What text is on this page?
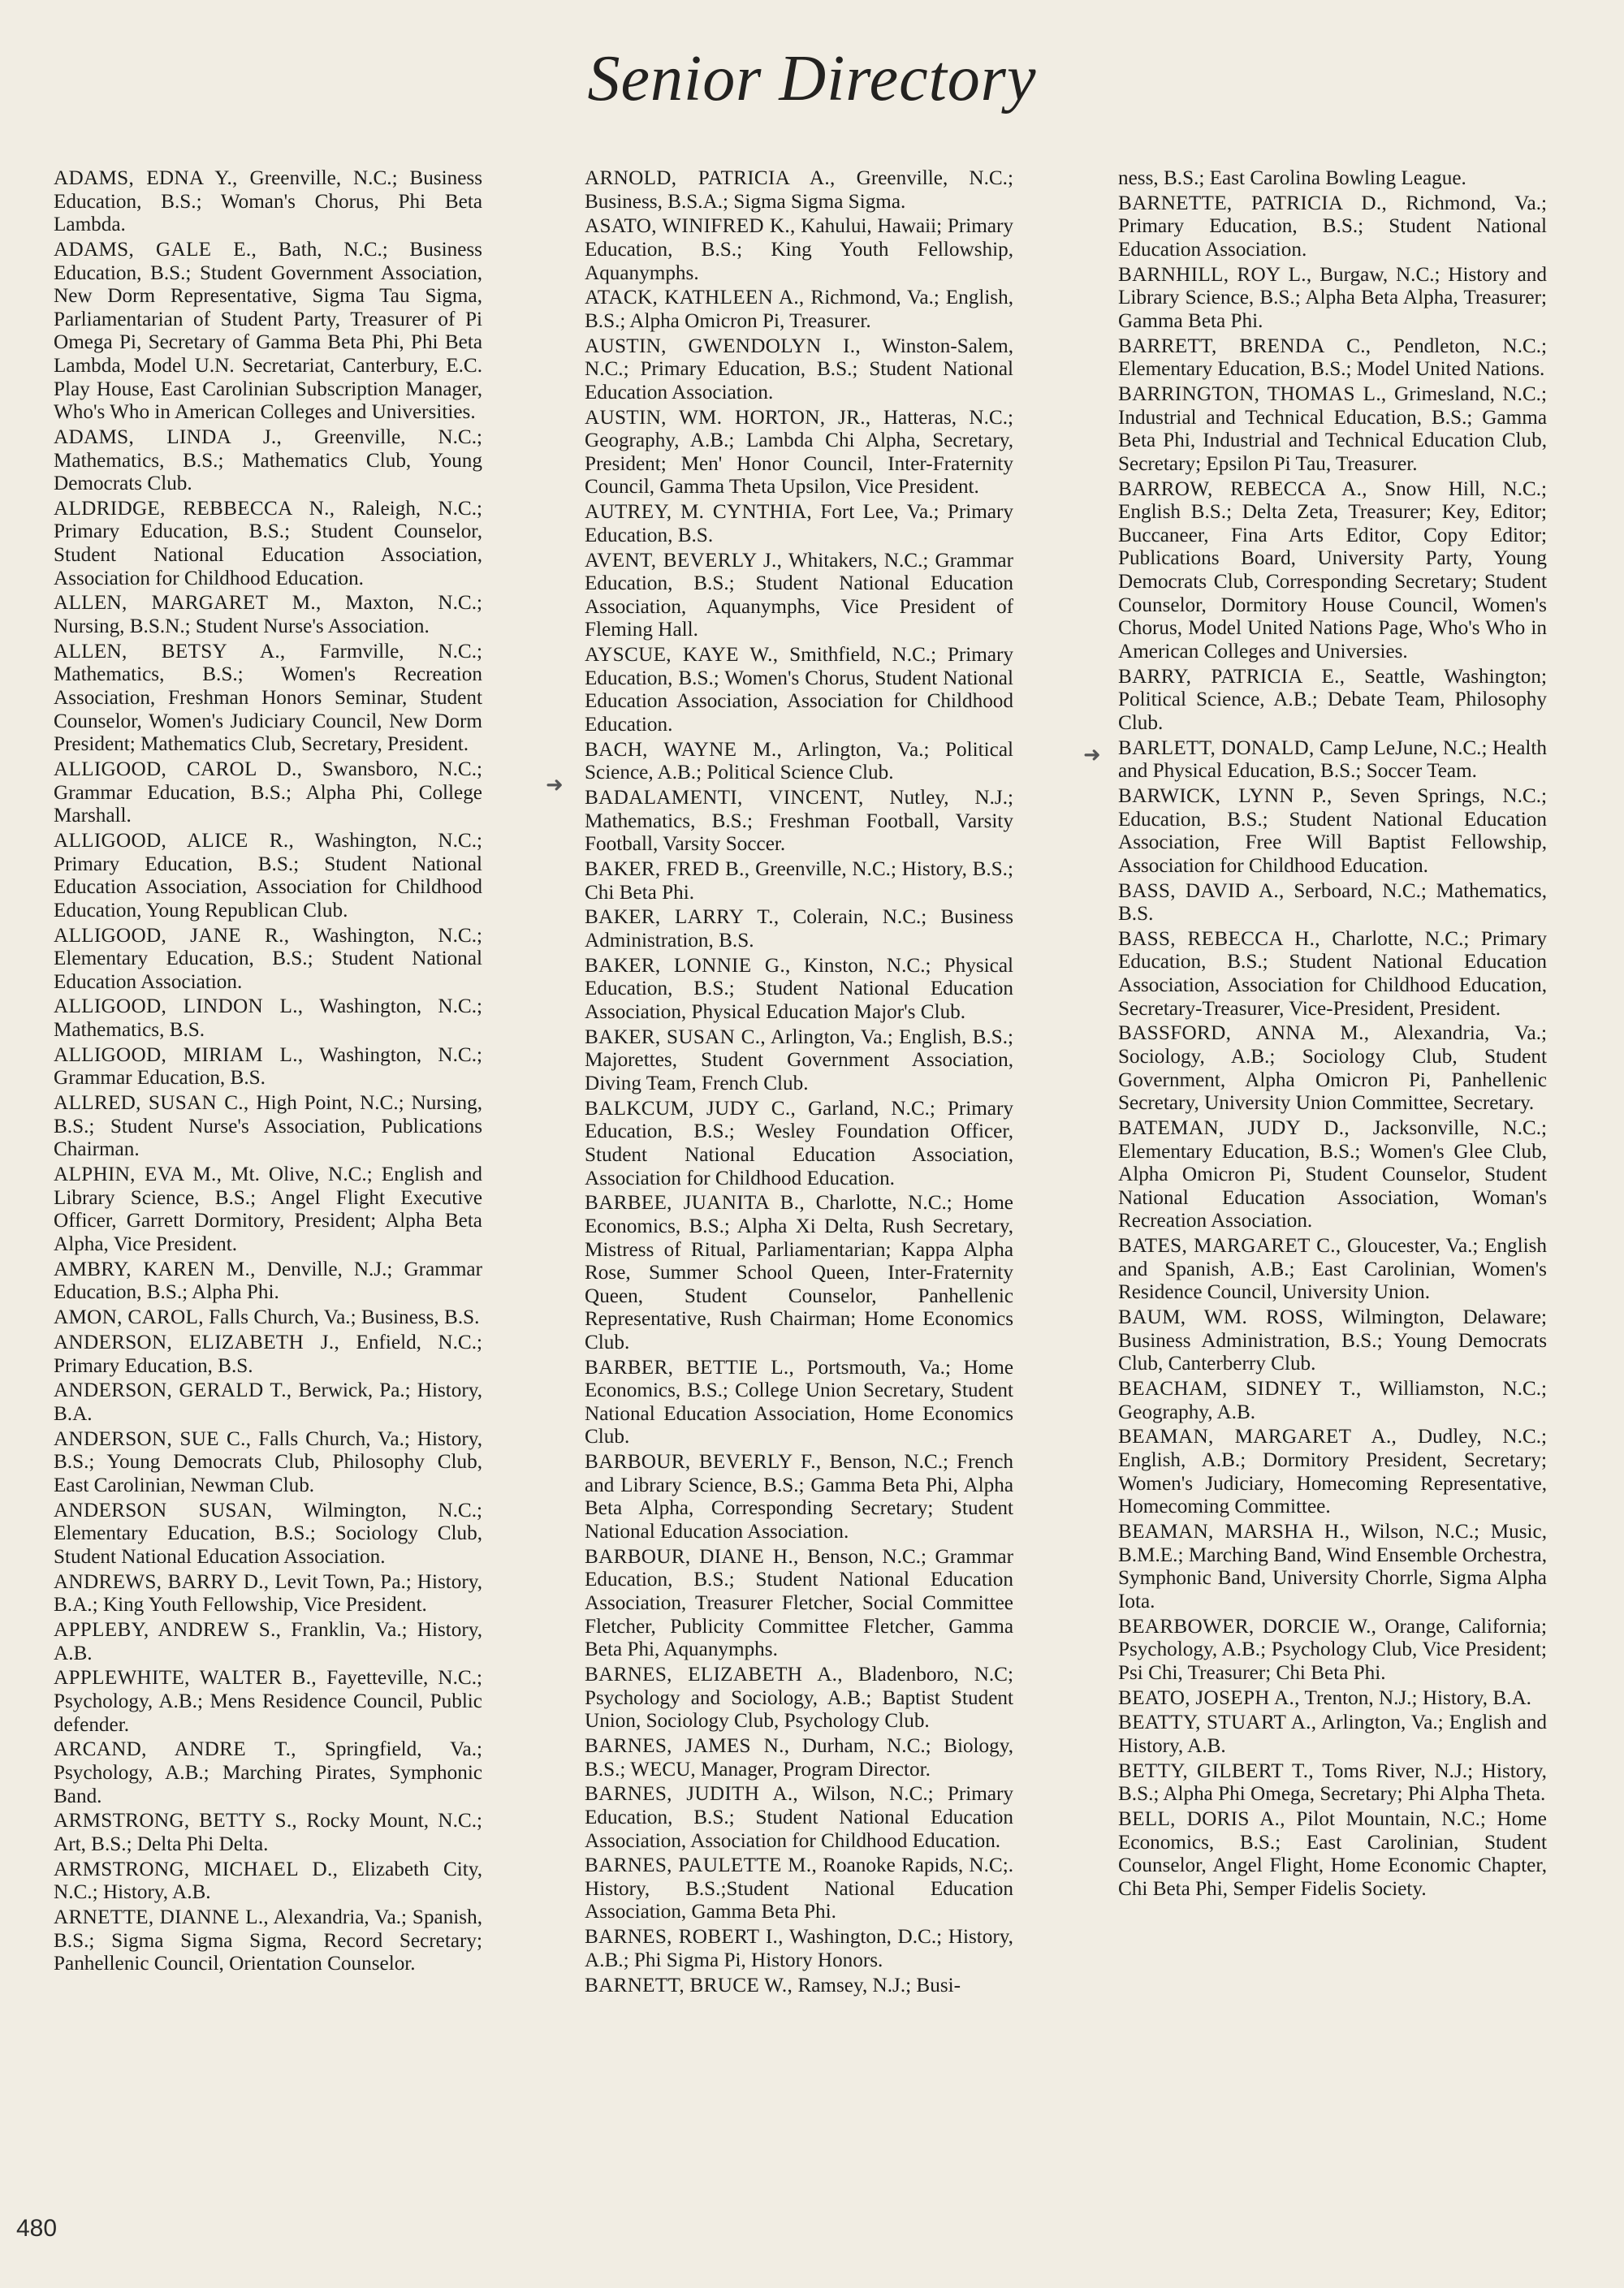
Senior Directory
ADAMS, EDNA Y., Greenville, N.C.; Business Education, B.S.; Woman's Chorus, Phi Beta Lambda.
ADAMS, GALE E., Bath, N.C.; Business Education, B.S.; Student Government Association, New Dorm Representative, Sigma Tau Sigma, Parliamentarian of Student Party, Treasurer of Pi Omega Pi, Secretary of Gamma Beta Phi, Phi Beta Lambda, Model U.N. Secretariat, Canterbury, E.C. Play House, East Carolinian Subscription Manager, Who's Who in American Colleges and Universities.
ADAMS, LINDA J., Greenville, N.C.; Mathematics, B.S.; Mathematics Club, Young Democrats Club.
ALDRIDGE, REBBECCA N., Raleigh, N.C.; Primary Education, B.S.; Student Counselor, Student National Education Association, Association for Childhood Education.
ALLEN, MARGARET M., Maxton, N.C.; Nursing, B.S.N.; Student Nurse's Association.
ALLEN, BETSY A., Farmville, N.C.; Mathematics, B.S.; Women's Recreation Association, Freshman Honors Seminar, Student Counselor, Women's Judiciary Council, New Dorm President; Mathematics Club, Secretary, President.
ALLIGOOD, CAROL D., Swansboro, N.C.; Grammar Education, B.S.; Alpha Phi, College Marshall.
ALLIGOOD, ALICE R., Washington, N.C.; Primary Education, B.S.; Student National Education Association, Association for Childhood Education, Young Republican Club.
ALLIGOOD, JANE R., Washington, N.C.; Elementary Education, B.S.; Student National Education Association.
ALLIGOOD, LINDON L., Washington, N.C.; Mathematics, B.S.
ALLIGOOD, MIRIAM L., Washington, N.C.; Grammar Education, B.S.
ALLRED, SUSAN C., High Point, N.C.; Nursing, B.S.; Student Nurse's Association, Publications Chairman.
ALPHIN, EVA M., Mt. Olive, N.C.; English and Library Science, B.S.; Angel Flight Executive Officer, Garrett Dormitory, President; Alpha Beta Alpha, Vice President.
AMBRY, KAREN M., Denville, N.J.; Grammar Education, B.S.; Alpha Phi.
AMON, CAROL, Falls Church, Va.; Business, B.S.
ANDERSON, ELIZABETH J., Enfield, N.C.; Primary Education, B.S.
ANDERSON, GERALD T., Berwick, Pa.; History, B.A.
ANDERSON, SUE C., Falls Church, Va.; History, B.S.; Young Democrats Club, Philosophy Club, East Carolinian, Newman Club.
ANDERSON SUSAN, Wilmington, N.C.; Elementary Education, B.S.; Sociology Club, Student National Education Association.
ANDREWS, BARRY D., Levit Town, Pa.; History, B.A.; King Youth Fellowship, Vice President.
APPLEBY, ANDREW S., Franklin, Va.; History, A.B.
APPLEWHITE, WALTER B., Fayetteville, N.C.; Psychology, A.B.; Mens Residence Council, Public defender.
ARCAND, ANDRE T., Springfield, Va.; Psychology, A.B.; Marching Pirates, Symphonic Band.
ARMSTRONG, BETTY S., Rocky Mount, N.C.; Art, B.S.; Delta Phi Delta.
ARMSTRONG, MICHAEL D., Elizabeth City, N.C.; History, A.B.
ARNETTE, DIANNE L., Alexandria, Va.; Spanish, B.S.; Sigma Sigma Sigma, Record Secretary; Panhellenic Council, Orientation Counselor.
ARNOLD, PATRICIA A., Greenville, N.C.; Business, B.S.A.; Sigma Sigma Sigma.
ASATO, WINIFRED K., Kahului, Hawaii; Primary Education, B.S.; King Youth Fellowship, Aquanymphs.
ATACK, KATHLEEN A., Richmond, Va.; English, B.S.; Alpha Omicron Pi, Treasurer.
AUSTIN, GWENDOLYN I., Winston-Salem, N.C.; Primary Education, B.S.; Student National Education Association.
AUSTIN, WM. HORTON, JR., Hatteras, N.C.; Geography, A.B.; Lambda Chi Alpha, Secretary, President; Men' Honor Council, Inter-Fraternity Council, Gamma Theta Upsilon, Vice President.
AUTREY, M. CYNTHIA, Fort Lee, Va.; Primary Education, B.S.
AVENT, BEVERLY J., Whitakers, N.C.; Grammar Education, B.S.; Student National Education Association, Aquanymphs, Vice President of Fleming Hall.
AYSCUE, KAYE W., Smithfield, N.C.; Primary Education, B.S.; Women's Chorus, Student National Education Association, Association for Childhood Education.
BACH, WAYNE M., Arlington, Va.; Political Science, A.B.; Political Science Club.
BADALAMENTI, VINCENT, Nutley, N.J.; Mathematics, B.S.; Freshman Football, Varsity Football, Varsity Soccer.
BAKER, FRED B., Greenville, N.C.; History, B.S.; Chi Beta Phi.
BAKER, LARRY T., Colerain, N.C.; Business Administration, B.S.
BAKER, LONNIE G., Kinston, N.C.; Physical Education, B.S.; Student National Education Association, Physical Education Major's Club.
BAKER, SUSAN C., Arlington, Va.; English, B.S.; Majorettes, Student Government Association, Diving Team, French Club.
BALKCUM, JUDY C., Garland, N.C.; Primary Education, B.S.; Wesley Foundation Officer, Student National Education Association, Association for Childhood Education.
BARBEE, JUANITA B., Charlotte, N.C.; Home Economics, B.S.; Alpha Xi Delta, Rush Secretary, Mistress of Ritual, Parliamentarian; Kappa Alpha Rose, Summer School Queen, Inter-Fraternity Queen, Student Counselor, Panhellenic Representative, Rush Chairman; Home Economics Club.
BARBER, BETTIE L., Portsmouth, Va.; Home Economics, B.S.; College Union Secretary, Student National Education Association, Home Economics Club.
BARBOUR, BEVERLY F., Benson, N.C.; French and Library Science, B.S.; Gamma Beta Phi, Alpha Beta Alpha, Corresponding Secretary; Student National Education Association.
BARBOUR, DIANE H., Benson, N.C.; Grammar Education, B.S.; Student National Education Association, Treasurer Fletcher, Social Committee Fletcher, Publicity Committee Fletcher, Gamma Beta Phi, Aquanymphs.
BARNES, ELIZABETH A., Bladenboro, N.C; Psychology and Sociology, A.B.; Baptist Student Union, Sociology Club, Psychology Club.
BARNES, JAMES N., Durham, N.C.; Biology, B.S.; WECU, Manager, Program Director.
BARNES, JUDITH A., Wilson, N.C.; Primary Education, B.S.; Student National Education Association, Association for Childhood Education.
BARNES, PAULETTE M., Roanoke Rapids, N.C;. History, B.S.;Student National Education Association, Gamma Beta Phi.
BARNES, ROBERT I., Washington, D.C.; History, A.B.; Phi Sigma Pi, History Honors.
BARNETT, BRUCE W., Ramsey, N.J.; Busi-
ness, B.S.; East Carolina Bowling League.
BARNETTE, PATRICIA D., Richmond, Va.; Primary Education, B.S.; Student National Education Association.
BARNHILL, ROY L., Burgaw, N.C.; History and Library Science, B.S.; Alpha Beta Alpha, Treasurer; Gamma Beta Phi.
BARRETT, BRENDA C., Pendleton, N.C.; Elementary Education, B.S.; Model United Nations.
BARRINGTON, THOMAS L., Grimesland, N.C.; Industrial and Technical Education, B.S.; Gamma Beta Phi, Industrial and Technical Education Club, Secretary; Epsilon Pi Tau, Treasurer.
BARROW, REBECCA A., Snow Hill, N.C.; English B.S.; Delta Zeta, Treasurer; Key, Editor; Buccaneer, Fina Arts Editor, Copy Editor; Publications Board, University Party, Young Democrats Club, Corresponding Secretary; Student Counselor, Dormitory House Council, Women's Chorus, Model United Nations Page, Who's Who in American Colleges and Universies.
BARRY, PATRICIA E., Seattle, Washington; Political Science, A.B.; Debate Team, Philosophy Club.
BARLETT, DONALD, Camp LeJune, N.C.; Health and Physical Education, B.S.; Soccer Team.
BARWICK, LYNN P., Seven Springs, N.C.; Education, B.S.; Student National Education Association, Free Will Baptist Fellowship, Association for Childhood Education.
BASS, DAVID A., Serboard, N.C.; Mathematics, B.S.
BASS, REBECCA H., Charlotte, N.C.; Primary Education, B.S.; Student National Education Association, Association for Childhood Education, Secretary-Treasurer, Vice-President, President.
BASSFORD, ANNA M., Alexandria, Va.; Sociology, A.B.; Sociology Club, Student Government, Alpha Omicron Pi, Panhellenic Secretary, University Union Committee, Secretary.
BATEMAN, JUDY D., Jacksonville, N.C.; Elementary Education, B.S.; Women's Glee Club, Alpha Omicron Pi, Student Counselor, Student National Education Association, Woman's Recreation Association.
BATES, MARGARET C., Gloucester, Va.; English and Spanish, A.B.; East Carolinian, Women's Residence Council, University Union.
BAUM, WM. ROSS, Wilmington, Delaware; Business Administration, B.S.; Young Democrats Club, Canterberry Club.
BEACHAM, SIDNEY T., Williamston, N.C.; Geography, A.B.
BEAMAN, MARGARET A., Dudley, N.C.; English, A.B.; Dormitory President, Secretary; Women's Judiciary, Homecoming Representative, Homecoming Committee.
BEAMAN, MARSHA H., Wilson, N.C.; Music, B.M.E.; Marching Band, Wind Ensemble Orchestra, Symphonic Band, University Chorrle, Sigma Alpha Iota.
BEARBOWER, DORCIE W., Orange, California; Psychology, A.B.; Psychology Club, Vice President; Psi Chi, Treasurer; Chi Beta Phi.
BEATO, JOSEPH A., Trenton, N.J.; History, B.A.
BEATTY, STUART A., Arlington, Va.; English and History, A.B.
BETTY, GILBERT T., Toms River, N.J.; History, B.S.; Alpha Phi Omega, Secretary; Phi Alpha Theta.
BELL, DORIS A., Pilot Mountain, N.C.; Home Economics, B.S.; East Carolinian, Student Counselor, Angel Flight, Home Economic Chapter, Chi Beta Phi, Semper Fidelis Society.
➜
➜
480
